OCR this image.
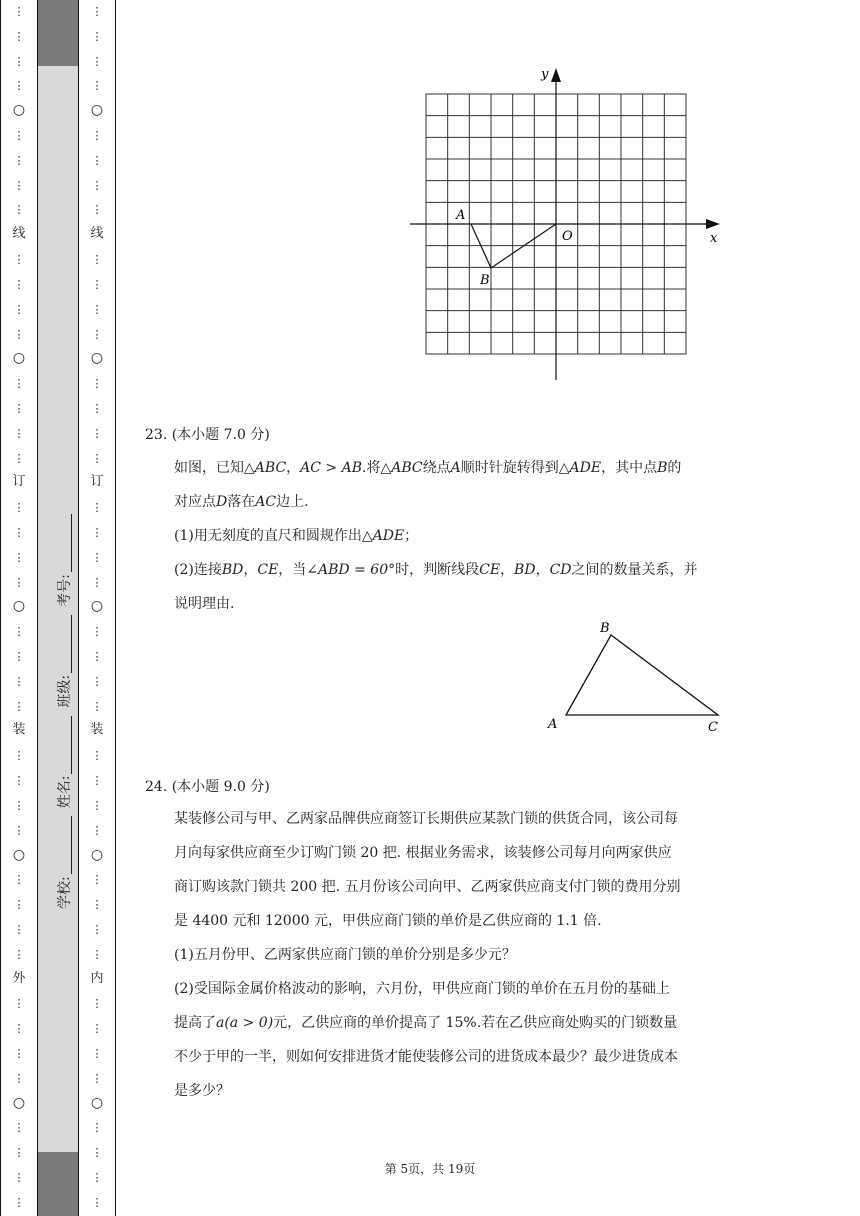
⋮
⋮
⋮
⋮
○
⋮
⋮
⋮
⋮
线
⋮
⋮
⋮
⋮
○
⋮
⋮
⋮
⋮
订
⋮
⋮
⋮
⋮
○
⋮
⋮
⋮
⋮
装
⋮
⋮
⋮
⋮
○
⋮
⋮
⋮
⋮
外
⋮
⋮
⋮
⋮
○
⋮
⋮
⋮
⋮
⋮
⋮
⋮
⋮
○
⋮
⋮
⋮
⋮
线
⋮
⋮
⋮
⋮
○
⋮
⋮
⋮
⋮
订
⋮
⋮
⋮
⋮
○
⋮
⋮
⋮
⋮
装
⋮
⋮
⋮
⋮
○
⋮
⋮
⋮
⋮
内
⋮
⋮
⋮
⋮
○
⋮
⋮
⋮
⋮
学校:
姓名:
班级:
考号:
x
y
O
A
B
23. (本小题 7.0 分)

如图，已知△ABC，AC > AB.将△ABC绕点A顺时针旋转得到△ADE，其中点B的

对应点D落在AC边上.

(1)用无刻度的直尺和圆规作出△ADE；

(2)连接BD，CE，当∠ABD = 60°时，判断线段CE，BD，CD之间的数量关系，并

说明理由.

A
B
C
24. (本小题 9.0 分)

某装修公司与甲、乙两家品牌供应商签订长期供应某款门锁的供货合同，该公司每

月向每家供应商至少订购门锁 20 把. 根据业务需求，该装修公司每月向两家供应

商订购该款门锁共 200 把. 五月份该公司向甲、乙两家供应商支付门锁的费用分别

是 4400 元和 12000 元，甲供应商门锁的单价是乙供应商的 1.1 倍.

(1)五月份甲、乙两家供应商门锁的单价分别是多少元？

(2)受国际金属价格波动的影响，六月份，甲供应商门锁的单价在五月份的基础上

提高了a(a > 0)元，乙供应商的单价提高了 15%.若在乙供应商处购买的门锁数量

不少于甲的一半，则如何安排进货才能使装修公司的进货成本最少？最少进货成本

是多少？

第 5页，共 19页
